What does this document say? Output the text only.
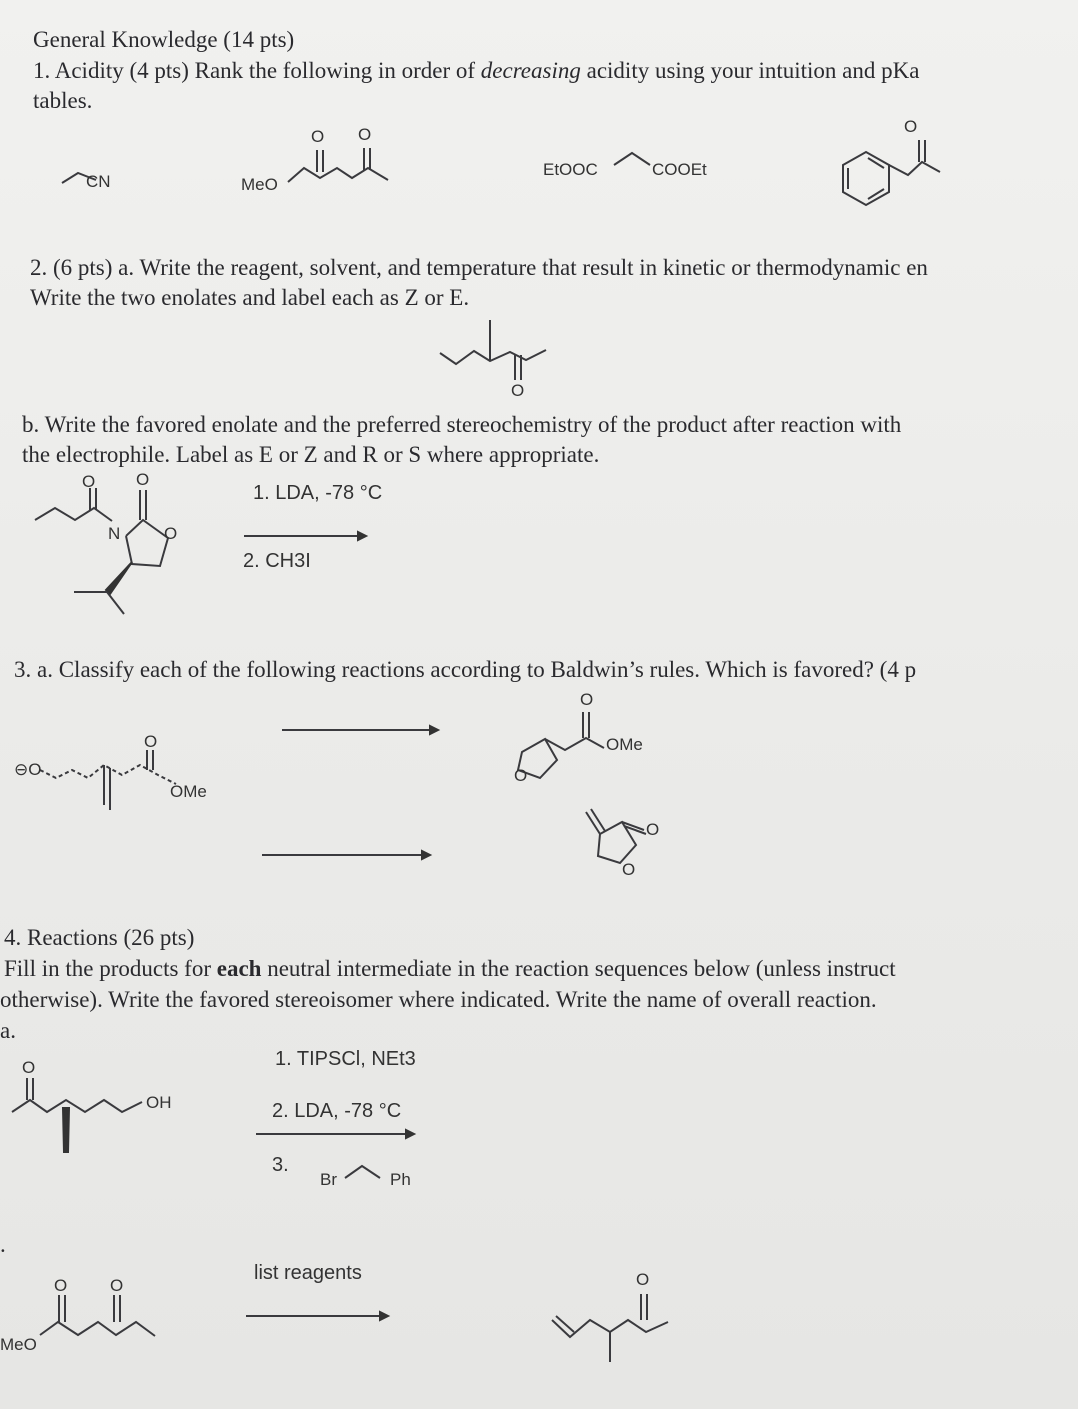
General Knowledge (14 pts)
1. Acidity (4 pts) Rank the following in order of decreasing acidity using your intuition and pKa
tables.
CN	MeO
O O
EtOOC	COOEt
O
2. (6 pts) a. Write the reagent, solvent, and temperature that result in kinetic or thermodynamic en
Write the two enolates and label each as Z or E.
O
b. Write the favored enolate and the preferred stereochemistry of the product after reaction with
the electrophile. Label as E or Z and R or S where appropriate.
O O
N	O
1. LDA, -78 °C
2. CH3I
3. a. Classify each of the following reactions according to Baldwin’s rules. Which is favored? (4 p
⊖O
O
OMe
O
OMe
O
O
O
4. Reactions (26 pts)
Fill in the products for each neutral intermediate in the reaction sequences below (unless instruct
otherwise). Write the favored stereoisomer where indicated. Write the name of overall reaction.
a.
.
O
OH
1. TIPSCl, NEt3
2. LDA, -78 °C
3.
Br	Ph
O	O
MeO
list reagents	O
